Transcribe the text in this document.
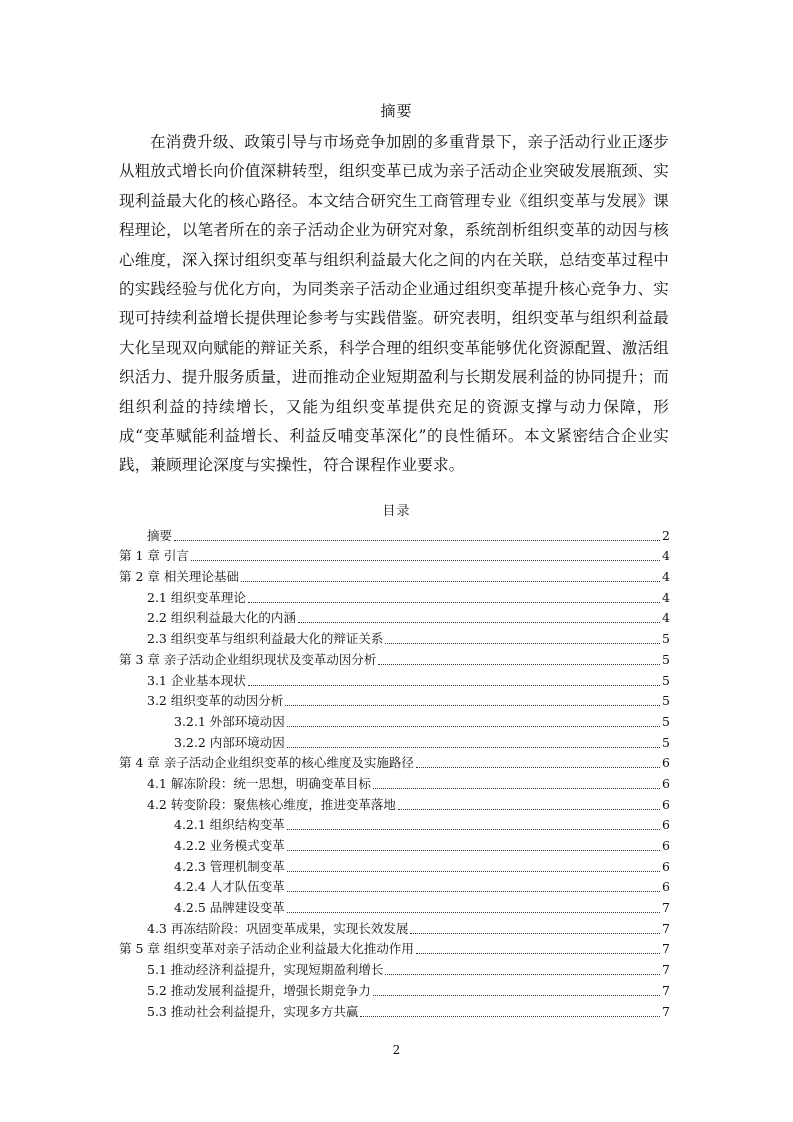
摘要

在消费升级、政策引导与市场竞争加剧的多重背景下，亲子活动行业正逐步从粗放式增长向价值深耕转型，组织变革已成为亲子活动企业突破发展瓶颈、实现利益最大化的核心路径。本文结合研究生工商管理专业《组织变革与发展》课程理论，以笔者所在的亲子活动企业为研究对象，系统剖析组织变革的动因与核心维度，深入探讨组织变革与组织利益最大化之间的内在关联，总结变革过程中的实践经验与优化方向，为同类亲子活动企业通过组织变革提升核心竞争力、实现可持续利益增长提供理论参考与实践借鉴。研究表明，组织变革与组织利益最大化呈现双向赋能的辩证关系，科学合理的组织变革能够优化资源配置、激活组织活力、提升服务质量，进而推动企业短期盈利与长期发展利益的协同提升；而组织利益的持续增长，又能为组织变革提供充足的资源支撑与动力保障，形成“变革赋能利益增长、利益反哺变革深化”的良性循环。本文紧密结合企业实践，兼顾理论深度与实操性，符合课程作业要求。

目录
摘要	2
第 1 章 引言	4
第 2 章 相关理论基础	4
2.1 组织变革理论	4
2.2 组织利益最大化的内涵	4
2.3 组织变革与组织利益最大化的辩证关系	5
第 3 章 亲子活动企业组织现状及变革动因分析	5
3.1 企业基本现状	5
3.2 组织变革的动因分析	5
3.2.1 外部环境动因	5
3.2.2 内部环境动因	5
第 4 章 亲子活动企业组织变革的核心维度及实施路径	6
4.1 解冻阶段：统一思想，明确变革目标	6
4.2 转变阶段：聚焦核心维度，推进变革落地	6
4.2.1 组织结构变革	6
4.2.2 业务模式变革	6
4.2.3 管理机制变革	6
4.2.4 人才队伍变革	6
4.2.5 品牌建设变革	7
4.3 再冻结阶段：巩固变革成果，实现长效发展	7
第 5 章 组织变革对亲子活动企业利益最大化推动作用	7
5.1 推动经济利益提升，实现短期盈利增长	7
5.2 推动发展利益提升，增强长期竞争力	7
5.3 推动社会利益提升，实现多方共赢	7
2
